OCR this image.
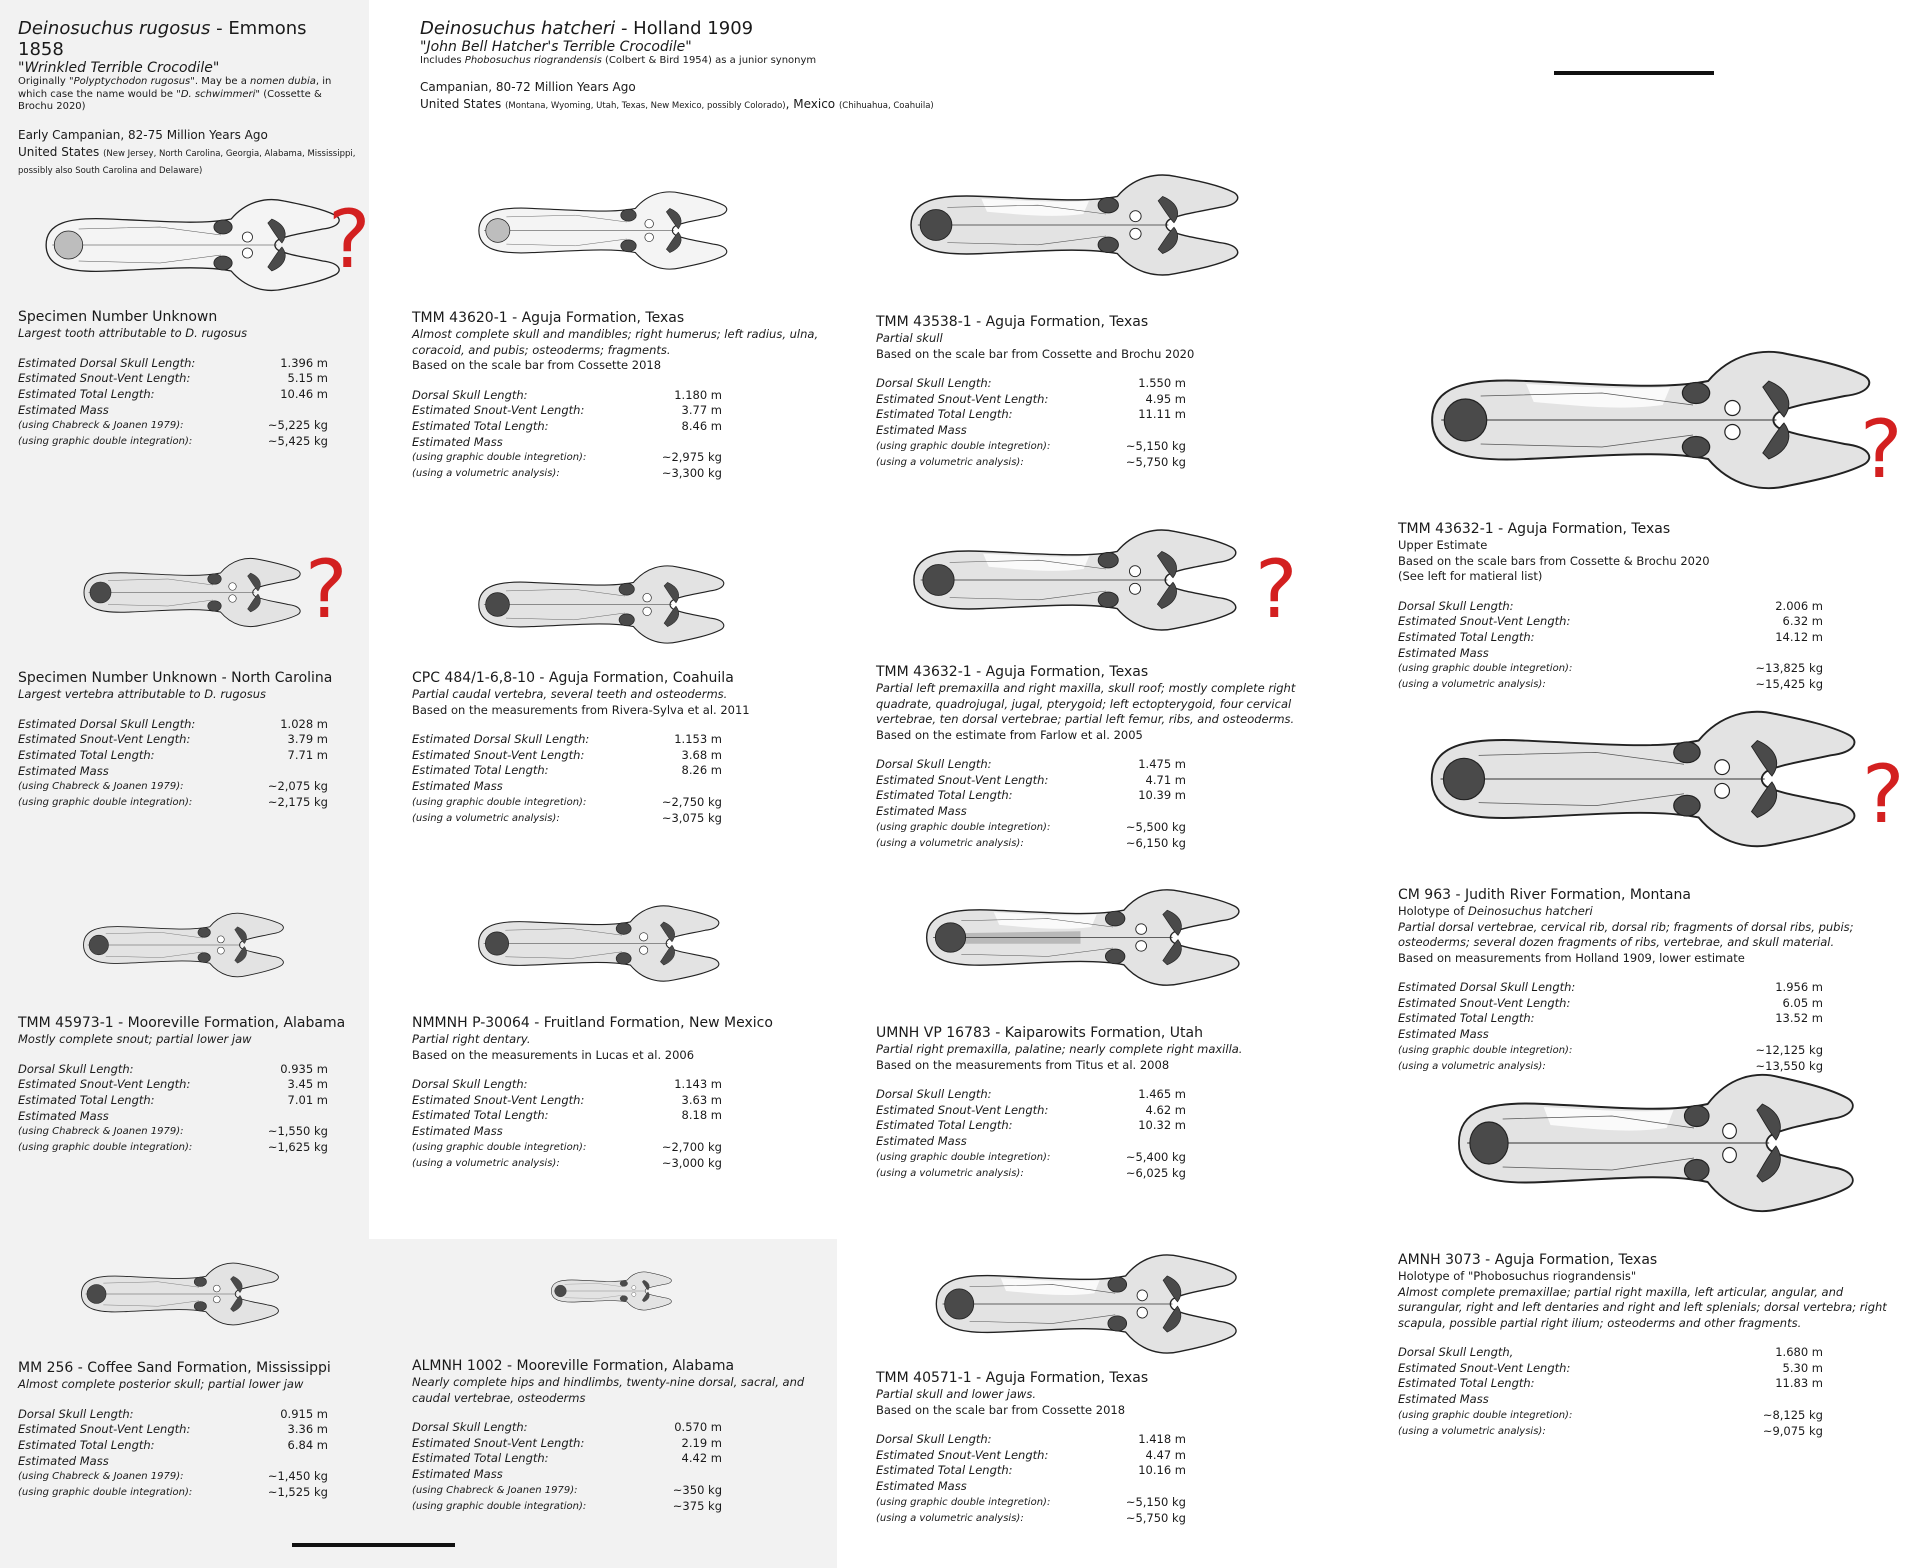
Deinosuchus rugosus - Emmons 1858
"Wrinkled Terrible Crocodile"
Originally "Polyptychodon rugosus". May be a nomen dubia, in which case the name would be "D. schwimmeri" (Cossette & Brochu 2020)
Early Campanian, 82-75 Million Years Ago
United States (New Jersey, North Carolina, Georgia, Alabama, Mississippi, possibly also South Carolina and Delaware)
Deinosuchus hatcheri - Holland 1909
"John Bell Hatcher's Terrible Crocodile"
Includes Phobosuchus riograndensis (Colbert & Bird 1954) as a junior synonym
Campanian, 80-72 Million Years Ago
United States (Montana, Wyoming, Utah, Texas, New Mexico, possibly Colorado), Mexico (Chihuahua, Coahuila)
?
?	?
?
?
Specimen Number Unknown
Largest tooth attributable to D. rugosus
Estimated Dorsal Skull Length:	1.396 m
Estimated Snout-Vent Length:	5.15 m
Estimated Total Length:	10.46 m
Estimated Mass
(using Chabreck & Joanen 1979):	~5,225 kg
(using graphic double integration):	~5,425 kg
Specimen Number Unknown - North Carolina
Largest vertebra attributable to D. rugosus
Estimated Dorsal Skull Length:	1.028 m
Estimated Snout-Vent Length:	3.79 m
Estimated Total Length:	7.71 m
Estimated Mass
(using Chabreck & Joanen 1979):	~2,075 kg
(using graphic double integration):	~2,175 kg
TMM 45973-1 - Mooreville Formation, Alabama
Mostly complete snout; partial lower jaw
Dorsal Skull Length:	0.935 m
Estimated Snout-Vent Length:	3.45 m
Estimated Total Length:	7.01 m
Estimated Mass
(using Chabreck & Joanen 1979):	~1,550 kg
(using graphic double integration):	~1,625 kg
MM 256 - Coffee Sand Formation, Mississippi
Almost complete posterior skull; partial lower jaw
Dorsal Skull Length:	0.915 m
Estimated Snout-Vent Length:	3.36 m
Estimated Total Length:	6.84 m
Estimated Mass
(using Chabreck & Joanen 1979):	~1,450 kg
(using graphic double integration):	~1,525 kg
TMM 43620-1 - Aguja Formation, Texas
Almost complete skull and mandibles; right humerus; left radius, ulna, coracoid, and pubis; osteoderms; fragments.
Based on the scale bar from Cossette 2018
Dorsal Skull Length:	1.180 m
Estimated Snout-Vent Length:	3.77 m
Estimated Total Length:	8.46 m
Estimated Mass
(using graphic double integretion):	~2,975 kg
(using a volumetric analysis):	~3,300 kg
CPC 484/1-6,8-10 - Aguja Formation, Coahuila
Partial caudal vertebra, several teeth and osteoderms.
Based on the measurements from Rivera-Sylva et al. 2011
Estimated Dorsal Skull Length:	1.153 m
Estimated Snout-Vent Length:	3.68 m
Estimated Total Length:	8.26 m
Estimated Mass
(using graphic double integretion):	~2,750 kg
(using a volumetric analysis):	~3,075 kg
NMMNH P-30064 - Fruitland Formation, New Mexico
Partial right dentary.
Based on the measurements in Lucas et al. 2006
Dorsal Skull Length:	1.143 m
Estimated Snout-Vent Length:	3.63 m
Estimated Total Length:	8.18 m
Estimated Mass
(using graphic double integretion):	~2,700 kg
(using a volumetric analysis):	~3,000 kg
ALMNH 1002 - Mooreville Formation, Alabama
Nearly complete hips and hindlimbs, twenty-nine dorsal, sacral, and caudal vertebrae, osteoderms
Dorsal Skull Length:	0.570 m
Estimated Snout-Vent Length:	2.19 m
Estimated Total Length:	4.42 m
Estimated Mass
(using Chabreck & Joanen 1979):	~350 kg
(using graphic double integration):	~375 kg
TMM 43538-1 - Aguja Formation, Texas
Partial skull
Based on the scale bar from Cossette and Brochu 2020
Dorsal Skull Length:	1.550 m
Estimated Snout-Vent Length:	4.95 m
Estimated Total Length:	11.11 m
Estimated Mass
(using graphic double integretion):	~5,150 kg
(using a volumetric analysis):	~5,750 kg
TMM 43632-1 - Aguja Formation, Texas
Partial left premaxilla and right maxilla, skull roof; mostly complete right quadrate, quadrojugal, jugal, pterygoid; left ectopterygoid, four cervical vertebrae, ten dorsal vertebrae; partial left femur, ribs, and osteoderms.
Based on the estimate from Farlow et al. 2005
Dorsal Skull Length:	1.475 m
Estimated Snout-Vent Length:	4.71 m
Estimated Total Length:	10.39 m
Estimated Mass
(using graphic double integretion):	~5,500 kg
(using a volumetric analysis):	~6,150 kg
UMNH VP 16783 - Kaiparowits Formation, Utah
Partial right premaxilla, palatine; nearly complete right maxilla.
Based on the measurements from Titus et al. 2008
Dorsal Skull Length:	1.465 m
Estimated Snout-Vent Length:	4.62 m
Estimated Total Length:	10.32 m
Estimated Mass
(using graphic double integretion):	~5,400 kg
(using a volumetric analysis):	~6,025 kg
TMM 40571-1 - Aguja Formation, Texas
Partial skull and lower jaws.
Based on the scale bar from Cossette 2018
Dorsal Skull Length:	1.418 m
Estimated Snout-Vent Length:	4.47 m
Estimated Total Length:	10.16 m
Estimated Mass
(using graphic double integretion):	~5,150 kg
(using a volumetric analysis):	~5,750 kg
TMM 43632-1 - Aguja Formation, Texas
Upper Estimate
Based on the scale bars from Cossette & Brochu 2020
(See left for matieral list)
Dorsal Skull Length:	2.006 m
Estimated Snout-Vent Length:	6.32 m
Estimated Total Length:	14.12 m
Estimated Mass
(using graphic double integretion):	~13,825 kg
(using a volumetric analysis):	~15,425 kg
CM 963 - Judith River Formation, Montana
Holotype of Deinosuchus hatcheri
Partial dorsal vertebrae, cervical rib, dorsal rib; fragments of dorsal ribs, pubis; osteoderms; several dozen fragments of ribs, vertebrae, and skull material.
Based on measurements from Holland 1909, lower estimate
Estimated Dorsal Skull Length:	1.956 m
Estimated Snout-Vent Length:	6.05 m
Estimated Total Length:	13.52 m
Estimated Mass
(using graphic double integretion):	~12,125 kg
(using a volumetric analysis):	~13,550 kg
AMNH 3073 - Aguja Formation, Texas
Holotype of "Phobosuchus riograndensis"
Almost complete premaxillae; partial right maxilla, left articular, angular, and surangular, right and left dentaries and right and left splenials; dorsal vertebra; right scapula, possible partial right ilium; osteoderms and other fragments.
Dorsal Skull Length,	1.680 m
Estimated Snout-Vent Length:	5.30 m
Estimated Total Length:	11.83 m
Estimated Mass
(using graphic double integretion):	~8,125 kg
(using a volumetric analysis):	~9,075 kg
